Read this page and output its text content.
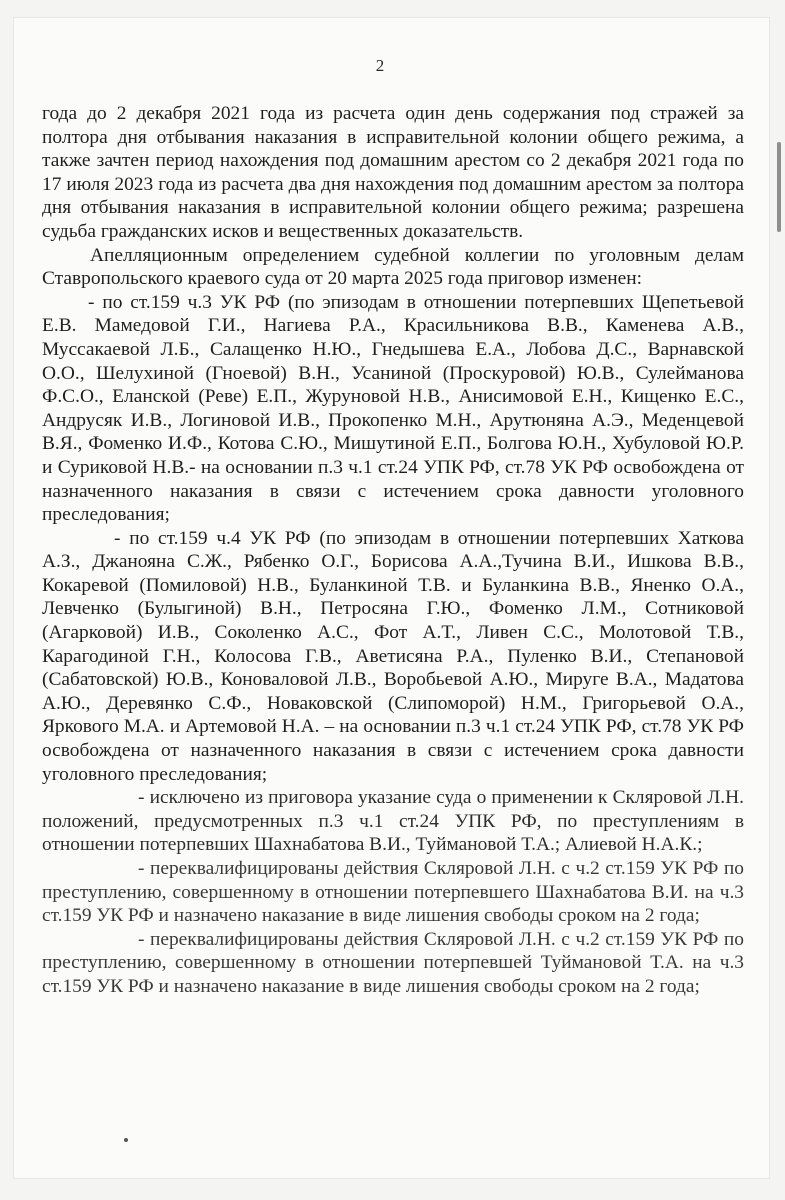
2

года до 2 декабря 2021 года из расчета один день содержания под стражей за полтора дня отбывания наказания в исправительной колонии общего режима, а также зачтен период нахождения под домашним арестом со 2 декабря 2021 года по 17 июля 2023 года из расчета два дня нахождения под домашним арестом за полтора дня отбывания наказания в исправительной колонии общего режима; разрешена судьба гражданских исков и вещественных доказательств.

Апелляционным определением судебной коллегии по уголовным делам Ставропольского краевого суда от 20 марта 2025 года приговор изменен:

- по ст.159 ч.3 УК РФ (по эпизодам в отношении потерпевших Щепетьевой Е.В. Мамедовой Г.И., Нагиева Р.А., Красильникова В.В., Каменева А.В., Муссакаевой Л.Б., Салащенко Н.Ю., Гнедышева Е.А., Лобова Д.С., Варнавской О.О., Шелухиной (Гноевой) В.Н., Усаниной (Проскуровой) Ю.В., Сулейманова Ф.С.О., Еланской (Реве) Е.П., Журуновой Н.В., Анисимовой Е.Н., Кищенко Е.С., Андрусяк И.В., Логиновой И.В., Прокопенко М.Н., Арутюняна А.Э., Меденцевой В.Я., Фоменко И.Ф., Котова С.Ю., Мишутиной Е.П., Болгова Ю.Н., Хубуловой Ю.Р. и Суриковой Н.В.- на основании п.3 ч.1 ст.24 УПК РФ, ст.78 УК РФ освобождена от назначенного наказания в связи с истечением срока давности уголовного преследования;

- по ст.159 ч.4 УК РФ (по эпизодам в отношении потерпевших Хаткова А.З., Джанояна С.Ж., Рябенко О.Г., Борисова А.А.,Тучина В.И., Ишкова В.В., Кокаревой (Помиловой) Н.В., Буланкиной Т.В. и Буланкина В.В., Яненко О.А., Левченко (Булыгиной) В.Н., Петросяна Г.Ю., Фоменко Л.М., Сотниковой (Агарковой) И.В., Соколенко А.С., Фот А.Т., Ливен С.С., Молотовой Т.В., Карагодиной Г.Н., Колосова Г.В., Аветисяна Р.А., Пуленко В.И., Степановой (Сабатовской) Ю.В., Коноваловой Л.В., Воробьевой А.Ю., Мируге В.А., Мадатова А.Ю., Деревянко С.Ф., Новаковской (Слипоморой) Н.М., Григорьевой О.А., Яркового М.А. и Артемовой Н.А. – на основании п.3 ч.1 ст.24 УПК РФ, ст.78 УК РФ освобождена от назначенного наказания в связи с истечением срока давности уголовного преследования;

- исключено из приговора указание суда о применении к Скляровой Л.Н. положений, предусмотренных п.3 ч.1 ст.24 УПК РФ, по преступлениям в отношении потерпевших Шахнабатова В.И., Туймановой Т.А.; Алиевой Н.А.К.;

- переквалифицированы действия Скляровой Л.Н. с ч.2 ст.159 УК РФ по преступлению, совершенному в отношении потерпевшего Шахнабатова В.И. на ч.3 ст.159 УК РФ и назначено наказание в виде лишения свободы сроком на 2 года;

- переквалифицированы действия Скляровой Л.Н. с ч.2 ст.159 УК РФ по преступлению, совершенному в отношении потерпевшей Туймановой Т.А. на ч.3 ст.159 УК РФ и назначено наказание в виде лишения свободы сроком на 2 года;
